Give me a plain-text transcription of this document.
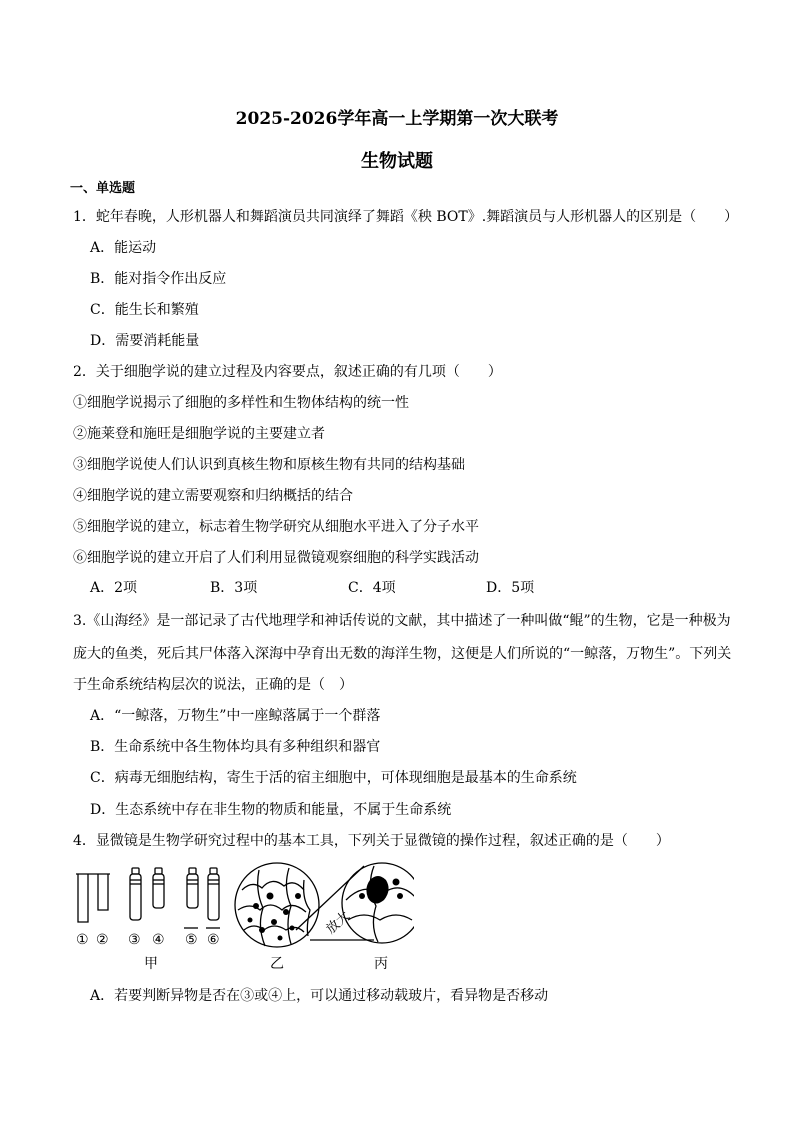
2025-2026学年高一上学期第一次大联考
生物试题
一、单选题
1．蛇年春晚，人形机器人和舞蹈演员共同演绎了舞蹈《秧 BOT》.舞蹈演员与人形机器人的区别是（　　）
A．能运动
B．能对指令作出反应
C．能生长和繁殖
D．需要消耗能量
2．关于细胞学说的建立过程及内容要点，叙述正确的有几项（　　）
①细胞学说揭示了细胞的多样性和生物体结构的统一性
②施莱登和施旺是细胞学说的主要建立者
③细胞学说使人们认识到真核生物和原核生物有共同的结构基础
④细胞学说的建立需要观察和归纳概括的结合
⑤细胞学说的建立，标志着生物学研究从细胞水平进入了分子水平
⑥细胞学说的建立开启了人们利用显微镜观察细胞的科学实践活动
A．2项	B．3项	C．4项	D．5项
3.《山海经》是一部记录了古代地理学和神话传说的文献，其中描述了一种叫做“鲲”的生物，它是一种极为
庞大的鱼类，死后其尸体落入深海中孕育出无数的海洋生物，这便是人们所说的“一鲸落，万物生”。下列关
于生命系统结构层次的说法，正确的是（　）
A．“一鲸落，万物生”中一座鲸落属于一个群落
B．生命系统中各生物体均具有多种组织和器官
C．病毒无细胞结构，寄生于活的宿主细胞中，可体现细胞是最基本的生命系统
D．生态系统中存在非生物的物质和能量，不属于生命系统
4．显微镜是生物学研究过程中的基本工具，下列关于显微镜的操作过程，叙述正确的是（　　）
① ② ③ ④ ⑤ ⑥
甲	乙	丙
放大
A．若要判断异物是否在③或④上，可以通过移动载玻片，看异物是否移动
